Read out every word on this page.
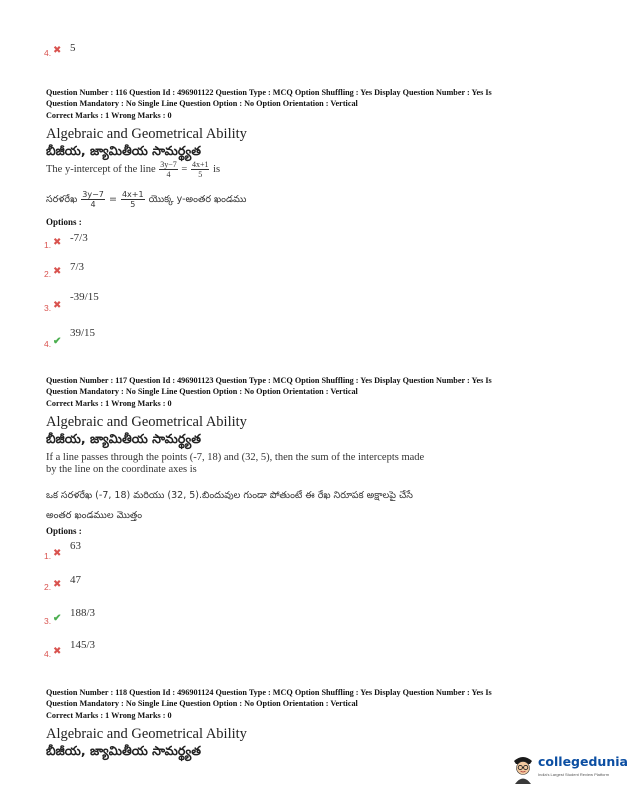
4. ✖ 5
Question Number : 116 Question Id : 496901122 Question Type : MCQ Option Shuffling : Yes Display Question Number : Yes Is
Question Mandatory : No Single Line Question Option : No Option Orientation : Vertical
Correct Marks : 1 Wrong Marks : 0
Algebraic and Geometrical Ability
బీజీయ, జ్యామితీయ సామర్థ్యత
The y-intercept of the line $\frac{3y-7}{4} = \frac{4x+1}{5}$ is
సరళరేఖ $\frac{3y-7}{4} = \frac{4x+1}{5}$ యొక్క y-అంతర ఖండము
Options :
1. ✖ -7/3
2. ✖ 7/3
3. ✖
-39/15
4. ✔
39/15
Question Number : 117 Question Id : 496901123 Question Type : MCQ Option Shuffling : Yes Display Question Number : Yes Is
Question Mandatory : No Single Line Question Option : No Option Orientation : Vertical
Correct Marks : 1 Wrong Marks : 0
Algebraic and Geometrical Ability
బీజీయ, జ్యామితీయ సామర్థ్యత
If a line passes through the points (-7, 18) and (32, 5), then the sum of the intercepts made
by the line on the coordinate axes is
ఒక సరళరేఖ (-7, 18) మరియు (32, 5).బిందువుల గుండా పోతుంటే ఈ రేఖ నిరూపక అక్షాలపై చేసే
అంతర ఖండముల మొత్తం
Options :
1. ✖
63
2. ✖ 47
3. ✔ 188/3
4. ✖
145/3
Question Number : 118 Question Id : 496901124 Question Type : MCQ Option Shuffling : Yes Display Question Number : Yes Is
Question Mandatory : No Single Line Question Option : No Option Orientation : Vertical
Correct Marks : 1 Wrong Marks : 0
Algebraic and Geometrical Ability
బీజీయ, జ్యామితీయ సామర్థ్యత
collegedunia
India's Largest Student Review Platform
